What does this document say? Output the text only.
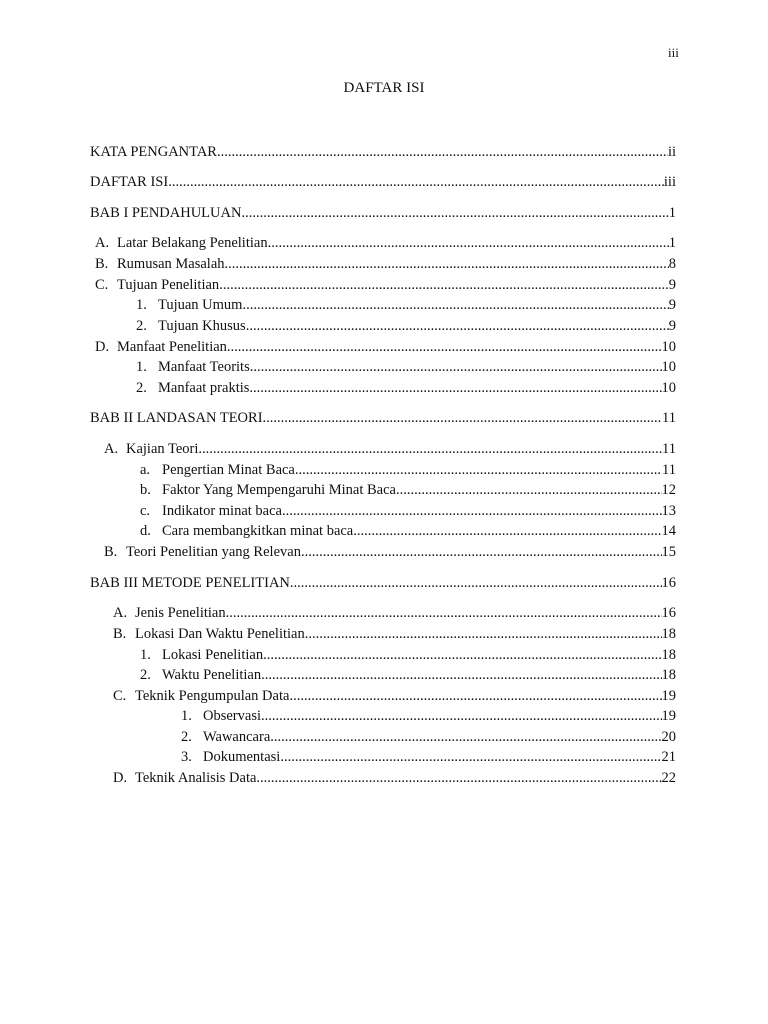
iii
DAFTAR ISI
KATA PENGANTAR .....	ii
DAFTAR ISI .....	iii
BAB I PENDAHULUAN .....	1
A. Latar Belakang Penelitian .....	1
B. Rumusan Masalah .....	8
C. Tujuan Penelitian .....	9
1. Tujuan Umum .....	9
2. Tujuan Khusus .....	9
D. Manfaat Penelitian .....	10
1. Manfaat Teorits .....	10
2. Manfaat praktis .....	10
BAB II LANDASAN TEORI .....	11
A. Kajian Teori .....	11
a. Pengertian Minat Baca .....	11
b. Faktor Yang Mempengaruhi Minat Baca .....	12
c. Indikator minat baca .....	13
d. Cara membangkitkan minat baca .....	14
B. Teori Penelitian yang Relevan .....	15
BAB III METODE PENELITIAN .....	16
A. Jenis Penelitian .....	16
B. Lokasi Dan Waktu Penelitian .....	18
1. Lokasi Penelitian .....	18
2. Waktu Penelitian .....	18
C. Teknik Pengumpulan Data .....	19
1. Observasi .....	19
2. Wawancara .....	20
3. Dokumentasi .....	21
D. Teknik Analisis Data .....	22
